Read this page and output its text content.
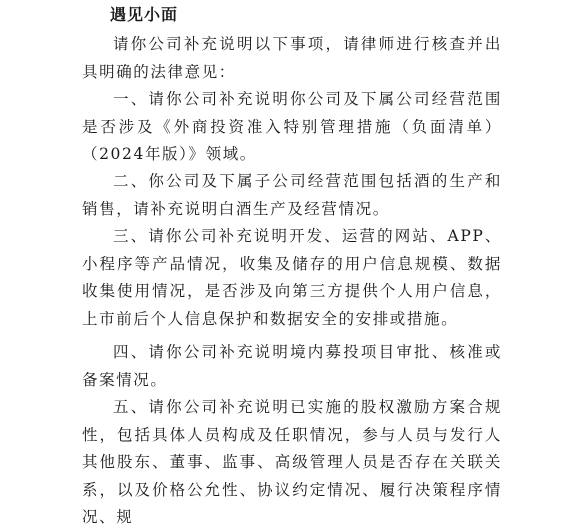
遇见小面

请你公司补充说明以下事项，请律师进行核查并出具明确的法律意见：

一、请你公司补充说明你公司及下属公司经营范围是否涉及《外商投资准入特别管理措施（负面清单）（2024年版）》领域。

二、你公司及下属子公司经营范围包括酒的生产和销售，请补充说明白酒生产及经营情况。

三、请你公司补充说明开发、运营的网站、APP、小程序等产品情况，收集及储存的用户信息规模、数据收集使用情况，是否涉及向第三方提供个人用户信息，上市前后个人信息保护和数据安全的安排或措施。

四、请你公司补充说明境内募投项目审批、核准或备案情况。

五、请你公司补充说明已实施的股权激励方案合规性，包括具体人员构成及任职情况，参与人员与发行人其他股东、董事、监事、高级管理人员是否存在关联关系，以及价格公允性、协议约定情况、履行决策程序情况、规
